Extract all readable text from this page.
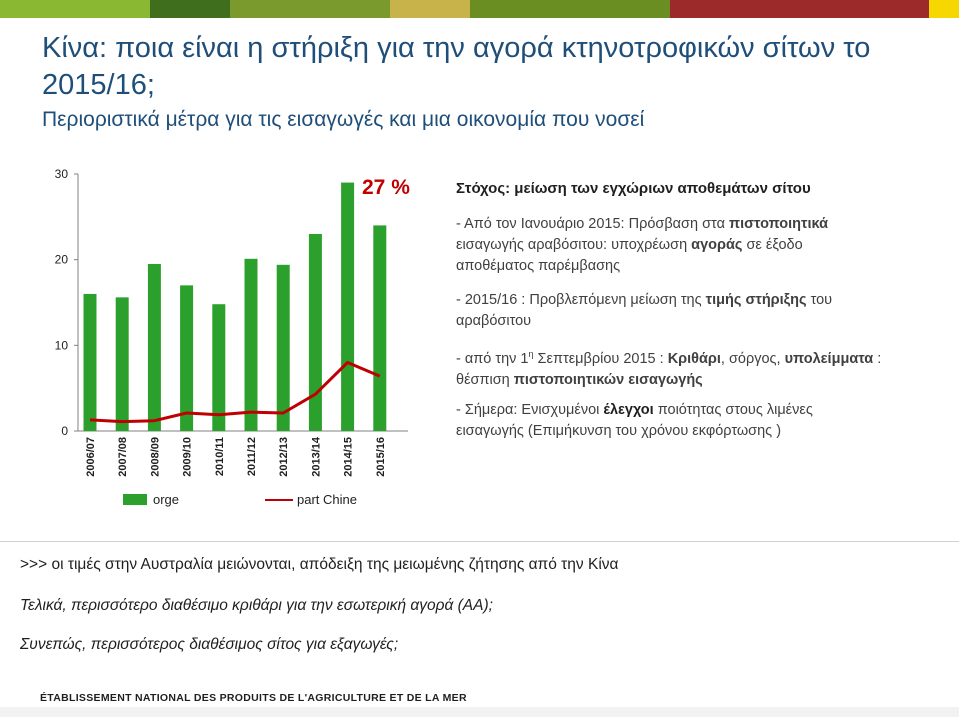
Κίνα: ποια είναι η στήριξη για την αγορά κτηνοτροφικών σίτων το 2015/16;
Περιοριστικά μέτρα για τις εισαγωγές και μια οικονομία που νοσεί
0
10
20
30
2006/07 2007/08 2008/09 2009/10 2010/11 2011/12 2012/13 2013/14 2014/15 2015/16
27 %	Στόχος: μείωση των εγχώριων αποθεμάτων σίτου
- Από τον Ιανουάριο 2015: Πρόσβαση στα πιστοποιητικά
εισαγωγής αραβόσιτου: υποχρέωση αγοράς σε έξοδο
αποθέματος παρέμβασης
- 2015/16 : Προβλεπόμενη μείωση της τιμής στήριξης του
αραβόσιτου
- από την $1^\eta$ Σεπτεμβρίου 2015 : Κριθάρι, σόργος, υπολείμματα :
θέσπιση πιστοποιητικών εισαγωγής
- Σήμερα: Ενισχυμένοι έλεγχοι ποιότητας στους λιμένες
εισαγωγής (Επιμήκυνση του χρόνου εκφόρτωσης )
orge	part Chine
>>> οι τιμές στην Αυστραλία μειώνονται, απόδειξη της μειωμένης ζήτησης από την Κίνα
Τελικά, περισσότερο διαθέσιμο κριθάρι για την εσωτερική αγορά (ΑΑ);
Συνεπώς, περισσότερος διαθέσιμος σίτος για εξαγωγές;
ÉTABLISSEMENT NATIONAL DES PRODUITS DE L'AGRICULTURE ET DE LA MER
